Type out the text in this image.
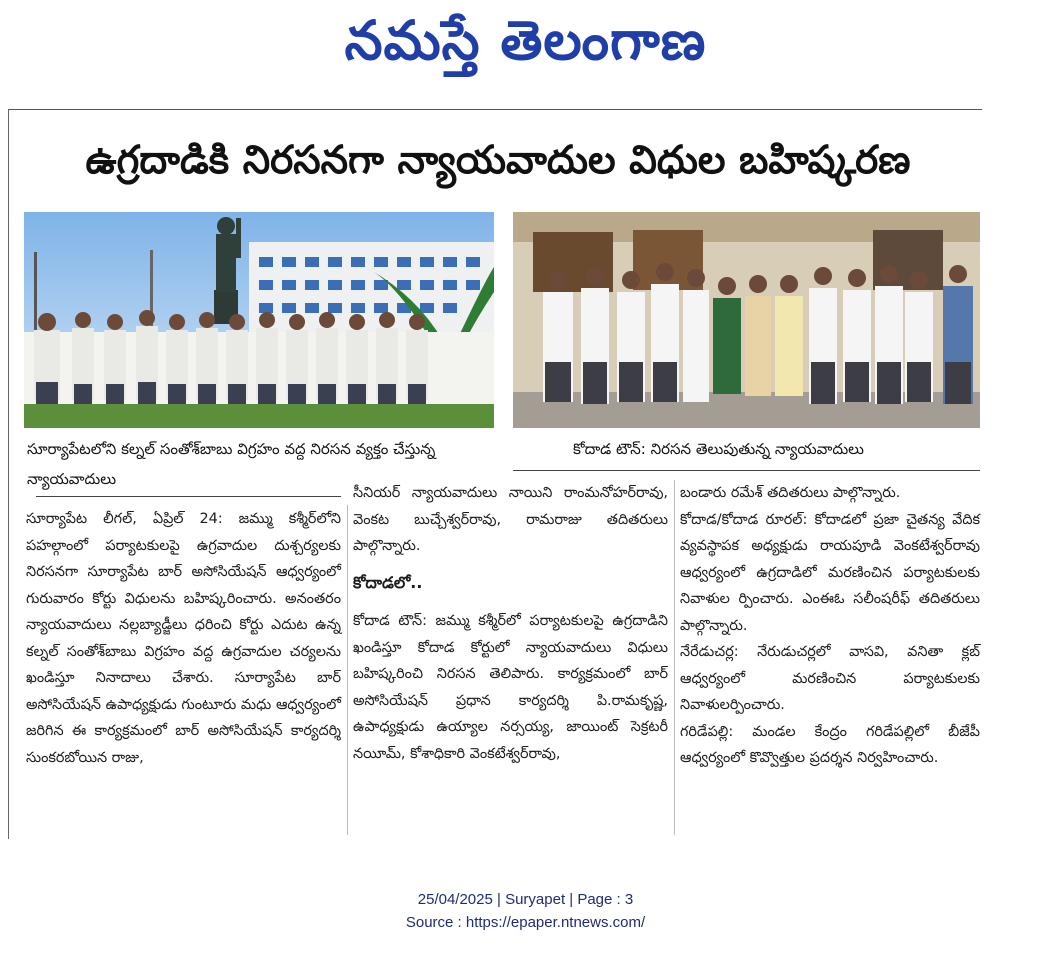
నమస్తే తెలంగాణ
ఉగ్రదాడికి నిరసనగా న్యాయవాదుల విధుల బహిష్కరణ
సూర్యాపేటలోని కల్నల్ సంతోశ్‌బాబు విగ్రహం వద్ద నిరసన వ్యక్తం చేస్తున్న న్యాయవాదులు
కోదాడ టౌన్: నిరసన తెలుపుతున్న న్యాయవాదులు

సూర్యాపేట లీగల్, ఏప్రిల్ 24: జమ్ము కశ్మీర్‌లోని పహల్గాంలో పర్యాటకులపై ఉగ్రవాదుల దుశ్చర్యలకు నిరసనగా సూర్యాపేట బార్ అసోసియేషన్ ఆధ్వర్యంలో గురువారం కోర్టు విధులను బహిష్కరించారు. అనంతరం న్యాయవాదులు నల్లబ్యాడ్జీలు ధరించి కోర్టు ఎదుట ఉన్న కల్నల్ సంతోశ్‌బాబు విగ్రహం వద్ద ఉగ్రవాదుల చర్యలను ఖండిస్తూ నినాదాలు చేశారు. సూర్యాపేట బార్ అసోసియేషన్ ఉపాధ్యక్షుడు గుంటూరు మధు ఆధ్వర్యంలో జరిగిన ఈ కార్యక్రమంలో బార్ అసోసియేషన్ కార్యదర్శి సుంకరబోయిన రాజు,

సీనియర్ న్యాయవాదులు నాయిని రాంమనోహర్‌రావు, వెంకట బుచ్చేశ్వర్‌రావు, రామరాజు తదితరులు పాల్గొన్నారు.

కోదాడలో..

కోదాడ టౌన్: జమ్ము కశ్మీర్‌లో పర్యాటకులపై ఉగ్రదాడిని ఖండిస్తూ కోదాడ కోర్టులో న్యాయవాదులు విధులు బహిష్కరించి నిరసన తెలిపారు. కార్యక్రమంలో బార్ అసోసియేషన్ ప్రధాన కార్యదర్శి పి.రామకృష్ణ, ఉపాధ్యక్షుడు ఉయ్యాల నర్సయ్య, జాయింట్ సెక్రటరీ నయీమ్, కోశాధికారి వెంకటేశ్వర్‌రావు,

బండారు రమేశ్ తదితరులు పాల్గొన్నారు.

కోదాడ/కోదాడ రూరల్: కోదాడలో ప్రజా చైతన్య వేదిక వ్యవస్థాపక అధ్యక్షుడు రాయపూడి వెంకటేశ్వర్‌రావు ఆధ్వర్యంలో ఉగ్రదాడిలో మరణించిన పర్యాటకులకు నివాళుల ర్పించారు. ఎంఈఓ సలీంషరీఫ్ తదితరులు పాల్గొన్నారు.

నేరేడుచర్ల: నేరుడుచర్లలో వాసవి, వనితా క్లబ్ ఆధ్వర్యంలో మరణించిన పర్యాటకులకు నివాళులర్పించారు.

గరిడేపల్లి: మండల కేంద్రం గరిడేపల్లిలో బీజేపీ ఆధ్వర్యంలో కొవ్వొత్తుల ప్రదర్శన నిర్వహించారు.

25/04/2025 | Suryapet | Page : 3
Source : https://epaper.ntnews.com/
